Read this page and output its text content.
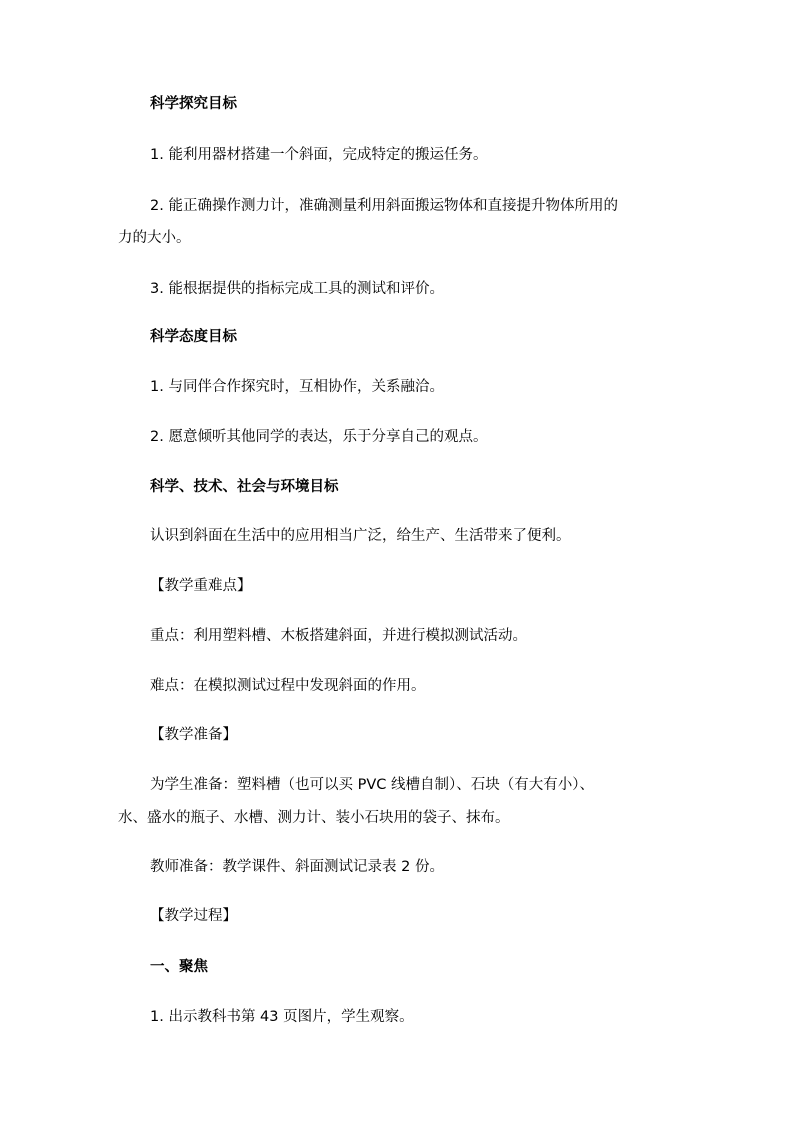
科学探究目标
1. 能利用器材搭建一个斜面，完成特定的搬运任务。
2. 能正确操作测力计，准确测量利用斜面搬运物体和直接提升物体所用的
力的大小。
3. 能根据提供的指标完成工具的测试和评价。
科学态度目标
1. 与同伴合作探究时，互相协作，关系融洽。
2. 愿意倾听其他同学的表达，乐于分享自己的观点。
科学、技术、社会与环境目标
认识到斜面在生活中的应用相当广泛，给生产、生活带来了便利。
【教学重难点】
重点：利用塑料槽、木板搭建斜面，并进行模拟测试活动。
难点：在模拟测试过程中发现斜面的作用。
【教学准备】
为学生准备：塑料槽（也可以买 PVC 线槽自制）、石块（有大有小）、
水、盛水的瓶子、水槽、测力计、装小石块用的袋子、抹布。
教师准备：教学课件、斜面测试记录表 2 份。
【教学过程】
一、聚焦
1. 出示教科书第 43 页图片，学生观察。
